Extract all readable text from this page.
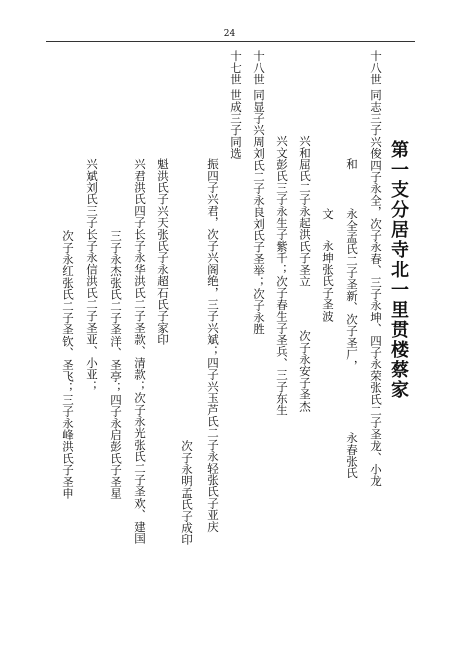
24
第一支分居寺北一里贯楼蔡家
十八世 同志三子兴俊四子永全，次子永春、三子永坤、四子永荣张氏二子圣龙、小龙
和
永全孟氏二子圣新、次子圣厂，
永春张氏
文
永坤张氏子圣波
兴和屈氏二子永起洪氏子圣立
次子永安子圣杰
兴文彭氏三子永生子紫千；次子春生子圣兵、三子东生
十八世 同显子兴周刘氏二子永良刘氏子圣举；次子永胜
十七世 世成三子同选
振四子兴君，次子兴阁绝，三子兴斌；四子兴玉芦氏二子永轻张氏子亚庆
次子永明孟氏子成印
魁洪氏子兴天张氏子永超石氏子家印
兴君洪氏四子长子永华洪氏二子圣款、清款；次子永光张氏二子圣欢、建国
三子永杰张氏二子圣洋、圣亭；四子永启彭氏子圣星
兴斌刘氏三子长子永信洪氏二子圣亚、小亚；
次子永红张氏二子圣钦、圣飞；三子永峰洪氏子圣申
